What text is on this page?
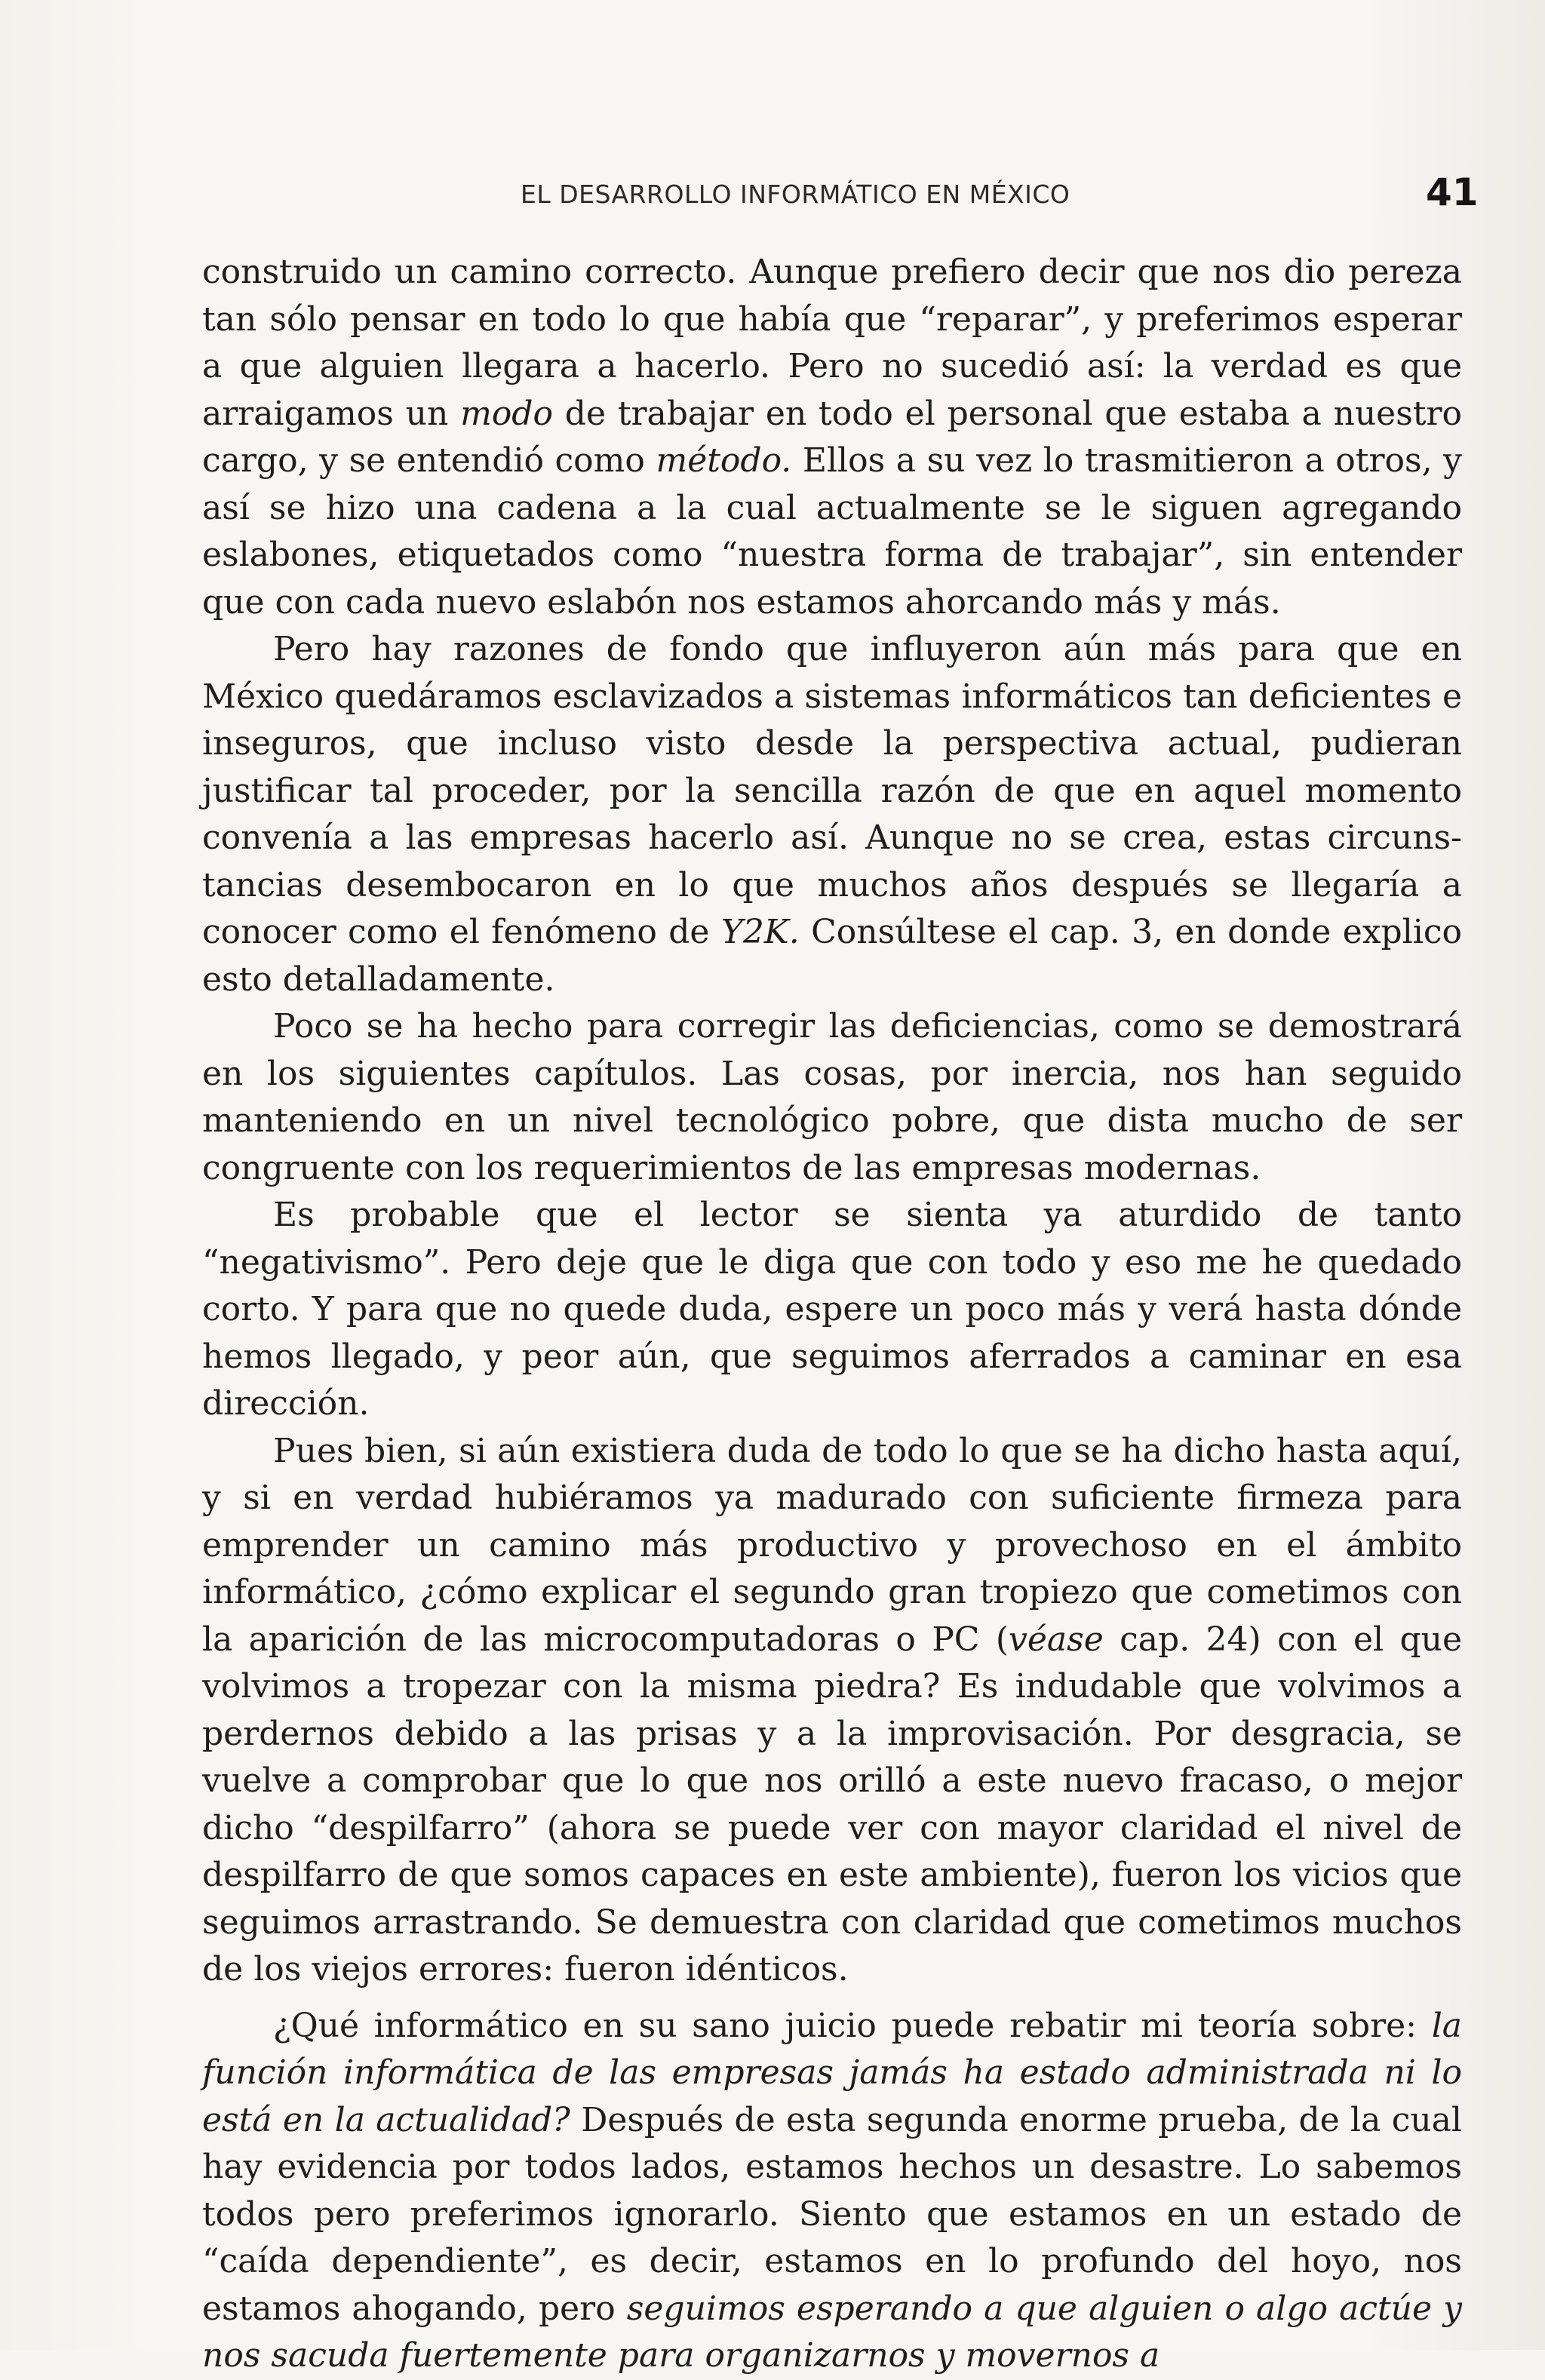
EL DESARROLLO INFORMÁTICO EN MÉXICO	41

construido un camino correcto. Aunque prefiero decir que nos dio pereza tan sólo pensar en todo lo que había que “reparar”, y preferimos esperar a que alguien llegara a hacerlo. Pero no sucedió así: la verdad es que arraigamos un modo de trabajar en todo el personal que estaba a nuestro cargo, y se entendió como método. Ellos a su vez lo trasmitieron a otros, y así se hizo una cadena a la cual actualmente se le siguen agregando eslabones, etiquetados como “nuestra forma de trabajar”, sin entender que con cada nuevo eslabón nos estamos ahorcando más y más.

Pero hay razones de fondo que influyeron aún más para que en México quedáramos esclavizados a sistemas informáticos tan deficientes e inseguros, que incluso visto desde la perspectiva actual, pudieran justificar tal proceder, por la sencilla razón de que en aquel momento convenía a las empresas hacerlo así. Aunque no se crea, estas circunstancias desembocaron en lo que muchos años después se llegaría a conocer como el fenómeno de Y2K. Consúltese el cap. 3, en donde explico esto detalladamente.

Poco se ha hecho para corregir las deficiencias, como se demostrará en los siguientes capítulos. Las cosas, por inercia, nos han seguido manteniendo en un nivel tecnológico pobre, que dista mucho de ser congruente con los requerimientos de las empresas modernas.

Es probable que el lector se sienta ya aturdido de tanto “negativismo”. Pero deje que le diga que con todo y eso me he quedado corto. Y para que no quede duda, espere un poco más y verá hasta dónde hemos llegado, y peor aún, que seguimos aferrados a caminar en esa dirección.

Pues bien, si aún existiera duda de todo lo que se ha dicho hasta aquí, y si en verdad hubiéramos ya madurado con suficiente firmeza para emprender un camino más productivo y provechoso en el ámbito informático, ¿cómo explicar el segundo gran tropiezo que cometimos con la aparición de las microcomputadoras o PC (véase cap. 24) con el que volvimos a tropezar con la misma piedra? Es indudable que volvimos a perdernos debido a las prisas y a la improvisación. Por desgracia, se vuelve a comprobar que lo que nos orilló a este nuevo fracaso, o mejor dicho “despilfarro” (ahora se puede ver con mayor claridad el nivel de despilfarro de que somos capaces en este ambiente), fueron los vicios que seguimos arrastrando. Se demuestra con claridad que cometimos muchos de los viejos errores: fueron idénticos.

¿Qué informático en su sano juicio puede rebatir mi teoría sobre: la función informática de las empresas jamás ha estado administrada ni lo está en la actualidad? Después de esta segunda enorme prueba, de la cual hay evidencia por todos lados, estamos hechos un desastre. Lo sabemos todos pero preferimos ignorarlo. Siento que estamos en un estado de “caída dependiente”, es decir, estamos en lo profundo del hoyo, nos estamos ahogando, pero seguimos esperando a que alguien o algo actúe y nos sacuda fuertemente para organizarnos y movernos a
